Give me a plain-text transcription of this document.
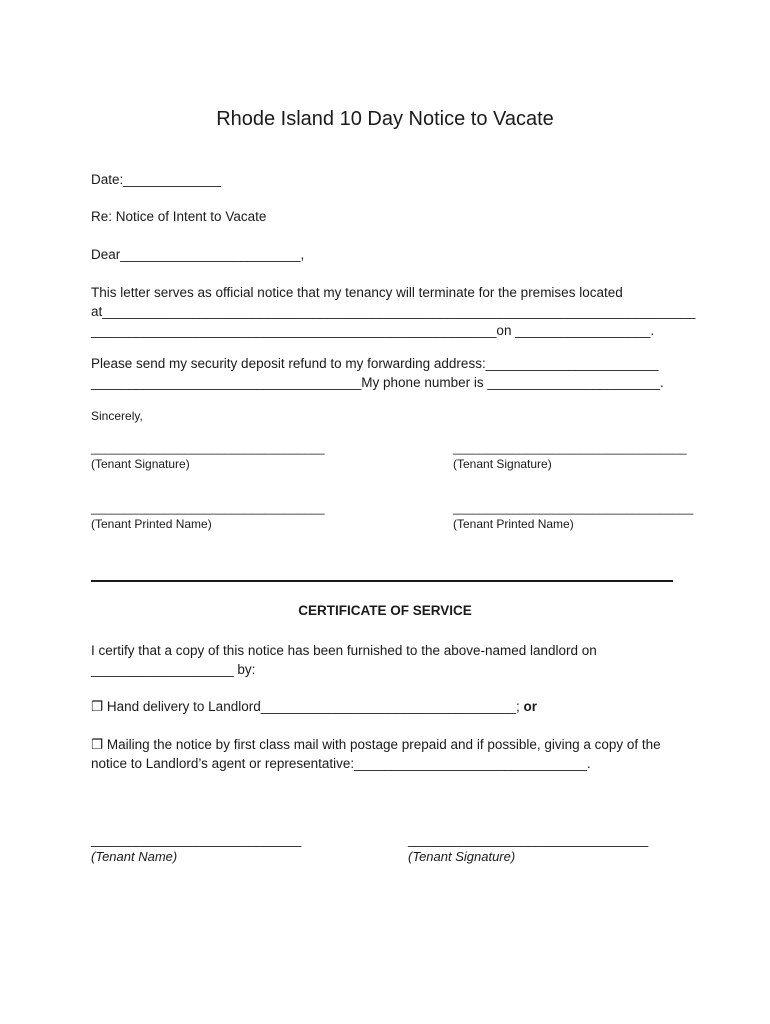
Rhode Island 10 Day Notice to Vacate
Date:_____________
Re: Notice of Intent to Vacate
Dear________________________,
This letter serves as official notice that my tenancy will terminate for the premises located
at_______________________________________________________________________________
______________________________________________________on __________________.
Please send my security deposit refund to my forwarding address:_______________________
____________________________________My phone number is _______________________.
Sincerely,
___________________________________
(Tenant Signature)
___________________________________
(Tenant Signature)
___________________________________
(Tenant Printed Name)
____________________________________
(Tenant Printed Name)
CERTIFICATE OF SERVICE
I certify that a copy of this notice has been furnished to the above-named landlord on
___________________ by:
❐ Hand delivery to Landlord__________________________________; or
❐ Mailing the notice by first class mail with postage prepaid and if possible, giving a copy of the
notice to Landlord’s agent or representative:_______________________________.
____________________________
(Tenant Name)
________________________________
(Tenant Signature)
